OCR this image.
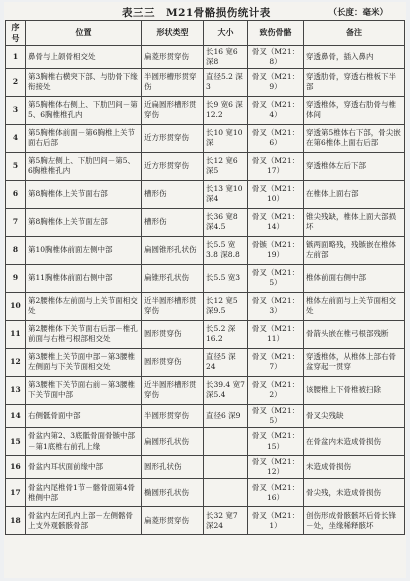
表三三　M21骨骼损伤统计表	（长度：毫米）
序号	位置	形状类型	大小	致伤骨骼	备注
1	鼻骨与上颌骨相交处	扁菱形贯穿伤	长16 宽6 深8	骨叉（M21：8）	穿透鼻骨，插入鼻内
2	第3胸椎右横突下部、与肋骨下缘衔接处	半圆形槽形贯穿伤	直径5.2 深3	骨叉（M21：9）	穿透肋骨，穿透右椎板下半部
3	第5胸椎体右侧上、下肋凹间－第5、6胸椎椎孔内	近扁圆形槽形贯穿伤	长9 宽6 深12.2	骨叉（M21：4）	穿透椎体，穿透右肋骨与椎体间
4	第5胸椎体前面－第6胸椎上关节面右后部	近方形贯穿伤	长10 宽10 深	骨叉（M21：6）	穿透第5椎体右下部，骨尖嵌在第6椎体上面右后部
5	第5胸左侧上、下肋凹间－第5、6胸椎椎孔内	近方形贯穿伤	长12 宽6 深5	骨叉（M21：17）	穿透椎体左后下部
6	第8胸椎体上关节面右部	槽形伤	长13 宽10 深4	骨叉（M21：10）	在椎体上面右部
7	第8胸椎体上关节面左部	槽形伤	长36 宽8 深4.5	骨叉（M21：14）	锥尖残缺，椎体上面大部损坏
8	第10胸椎体前面左侧中部	扁圆锥形孔状伤	长5.5 宽3.8 深8.8	骨镞（M21：19）	镞两面略残，残镞嵌在椎体左前部
9	第11胸椎体前面右侧中部	扁锥形孔状伤	长5.5 宽3	骨叉（M21：5）	椎体前面右侧中部
10	第2腰椎体左前面与上关节面相交处	近半圆形槽形贯穿伤	长12 宽5 深9.5	骨叉（M21：3）	椎体左前面与上关节面相交处
11	第2腰椎体下关节面右后部－椎孔前面与右椎弓根部相交处	圆形贯穿伤	长5.2 深16.2	骨叉（M21：11）	骨箭头嵌在椎弓根部残断
12	第3腰椎上关节面中部－第3腰椎左侧面与下关节面相交处	圆形贯穿伤	直径5 深24	骨叉（M21：7）	穿透椎体，从椎体上部右骨盆穿起一贯穿
13	第3腰椎下关节面右前－第3腰椎下关节面中部	近半圆形槽形贯穿伤	长39.4 宽7 深5.4	骨叉（M21：2）	该腰椎上下骨椎被扫除
14	右侧骶骨面中部	半圆形贯穿伤	直径6 深9	骨叉（M21：5）	骨叉尖残缺
15	骨盆内第2、3底骶骨面骨镞中部－第1底椎右前孔上缘	扁圆形孔状伤		骨叉（M21：15）	在骨盆内未造成骨损伤
16	骨盆内耳状面前缘中部	圆形孔状伤		骨叉（M21：12）	未造成骨损伤
17	骨盆内尾椎骨1节－髂骨面第4骨椎侧中部	椭圆形孔状伤		骨叉（M21：16）	骨尖残，未造成骨损伤
18	骨盆内左闭孔内上部－左侧髂骨上支外观骸骸骨部	扁菱形贯穿伤	长32 宽7 深24	骨叉（M21：1）	创伤形成骨骸骸坏后骨长锋－处，坐缘稀释骸坏
